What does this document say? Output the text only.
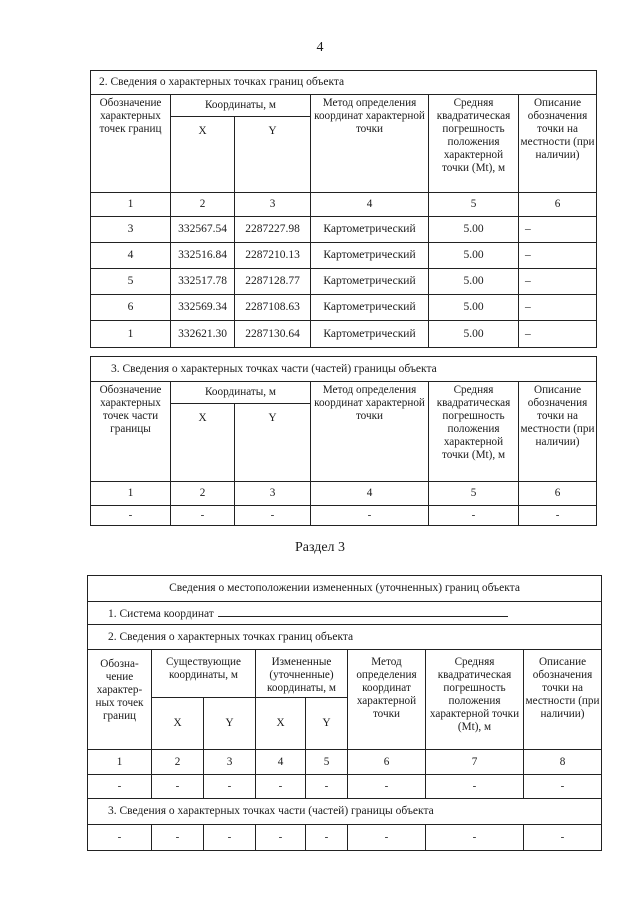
4
2. Сведения о характерных точках границ объекта					
Обозначение характерных точек границ	Координаты, м		Метод определения координат характерной точки	Средняя квадратическая погрешность положения характерной точки (Mt), м	Описание обозначения точки на местности (при наличии)
	X	Y			
1	2	3	4	5	6
3	332567.54	2287227.98	Картометрический	5.00	–
4	332516.84	2287210.13	Картометрический	5.00	–
5	332517.78	2287128.77	Картометрический	5.00	–
6	332569.34	2287108.63	Картометрический	5.00	–
1	332621.30	2287130.64	Картометрический	5.00	–
3. Сведения о характерных точках части (частей) границы объекта					
Обозначение характерных точек части границы	Координаты, м		Метод определения координат характерной точки	Средняя квадратическая погрешность положения характерной точки (Mt), м	Описание обозначения точки на местности (при наличии)
	X	Y			
1	2	3	4	5	6
-	-	-	-	-	-
Раздел 3
Сведения о местоположении измененных (уточненных) границ объекта							
1. Система координат							
2. Сведения о характерных точках границ объекта							
Обозна-чение характер-ных точек границ	Существующие координаты, м		Измененные (уточненные) координаты, м		Метод определения координат характерной точки	Средняя квадратическая погрешность положения характерной точки (Mt), м	Описание обозначения точки на местности (при наличии)
	X	Y	X	Y			
1	2	3	4	5	6	7	8
-	-	-	-	-	-	-	-
3. Сведения о характерных точках части (частей) границы объекта							
-	-	-	-	-	-	-	-
